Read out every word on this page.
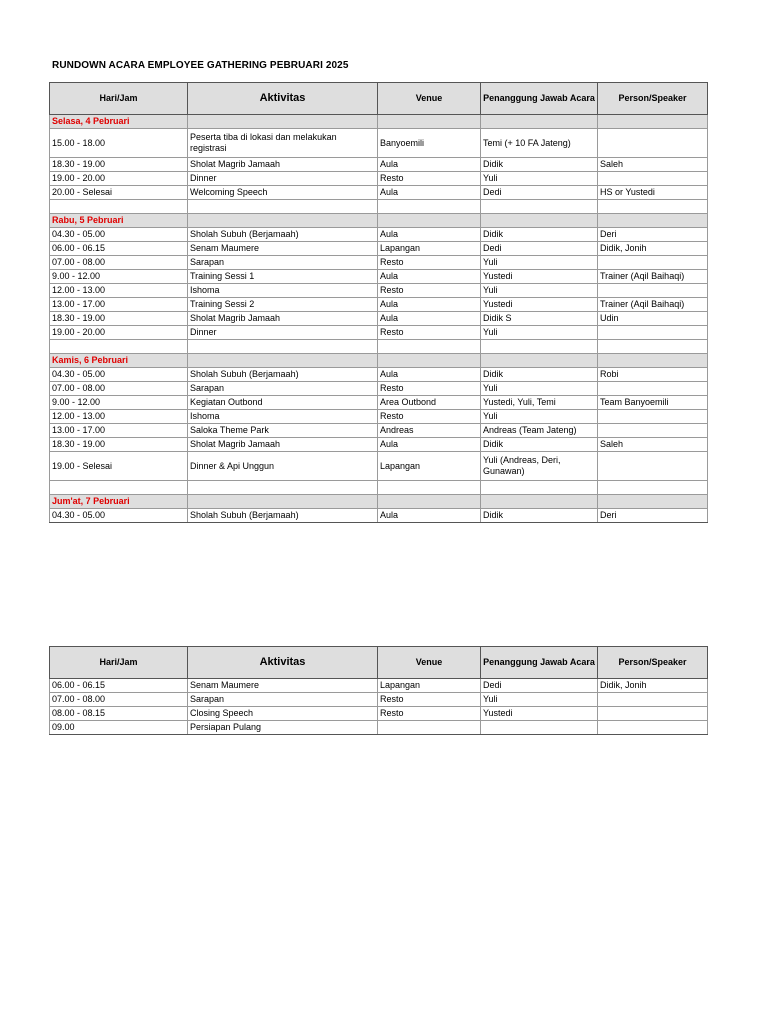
RUNDOWN ACARA EMPLOYEE GATHERING PEBRUARI 2025
Hari/Jam	Aktivitas	Venue	Penanggung Jawab Acara	Person/Speaker
Selasa, 4 Pebruari				
15.00 - 18.00	Peserta tiba di lokasi dan melakukan registrasi	Banyoemili	Temi (+ 10 FA Jateng)	
18.30 - 19.00	Sholat Magrib Jamaah	Aula	Didik	Saleh
19.00 - 20.00	Dinner	Resto	Yuli	
20.00 - Selesai	Welcoming Speech	Aula	Dedi	HS or Yustedi

Rabu, 5 Pebruari				
04.30 - 05.00	Sholah Subuh (Berjamaah)	Aula	Didik	Deri
06.00 - 06.15	Senam Maumere	Lapangan	Dedi	Didik, Jonih
07.00 - 08.00	Sarapan	Resto	Yuli	
9.00 - 12.00	Training Sessi 1	Aula	Yustedi	Trainer (Aqil Baihaqi)
12.00 - 13.00	Ishoma	Resto	Yuli	
13.00 - 17.00	Training Sessi 2	Aula	Yustedi	Trainer (Aqil Baihaqi)
18.30 - 19.00	Sholat Magrib Jamaah	Aula	Didik S	Udin
19.00 - 20.00	Dinner	Resto	Yuli	

Kamis, 6 Pebruari				
04.30 - 05.00	Sholah Subuh (Berjamaah)	Aula	Didik	Robi
07.00 - 08.00	Sarapan	Resto	Yuli	
9.00 - 12.00	Kegiatan Outbond	Area Outbond	Yustedi, Yuli, Temi	Team Banyoemili
12.00 - 13.00	Ishoma	Resto	Yuli	
13.00 - 17.00	Saloka Theme Park	Andreas	Andreas (Team Jateng)	
18.30 - 19.00	Sholat Magrib Jamaah	Aula	Didik	Saleh
19.00 - Selesai	Dinner & Api Unggun	Lapangan	Yuli (Andreas, Deri, Gunawan)	

Jum'at, 7 Pebruari				
04.30 - 05.00	Sholah Subuh (Berjamaah)	Aula	Didik	Deri
Hari/Jam	Aktivitas	Venue	Penanggung Jawab Acara	Person/Speaker
06.00 - 06.15	Senam Maumere	Lapangan	Dedi	Didik, Jonih
07.00 - 08.00	Sarapan	Resto	Yuli	
08.00 - 08.15	Closing Speech	Resto	Yustedi	
09.00	Persiapan Pulang			
